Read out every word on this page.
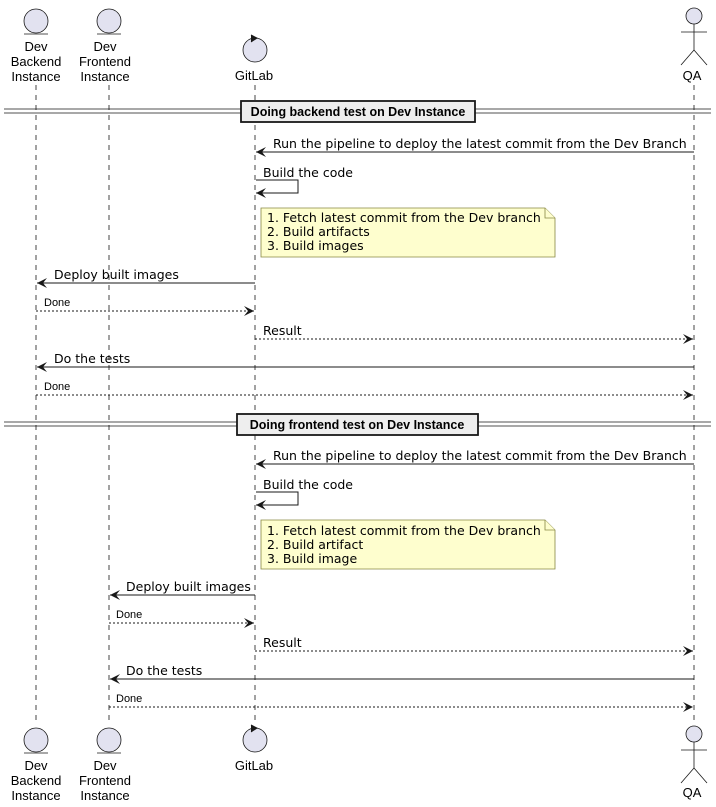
Dev
Backend
Instance
Dev
Frontend
Instance	GitLab	QA
Doing backend test on Dev Instance
Run the pipeline to deploy the latest commit from the Dev Branch
Build the code
1. Fetch latest commit from the Dev branch
2. Build artifacts
3. Build images
Deploy built images
Done
Result
Do the tests
Done
Doing frontend test on Dev Instance
Run the pipeline to deploy the latest commit from the Dev Branch
Build the code
1. Fetch latest commit from the Dev branch
2. Build artifact
3. Build image
Deploy built images
Done
Result
Do the tests
Done
Dev
Backend
Instance
Dev
Frontend
Instance
GitLab
QA
